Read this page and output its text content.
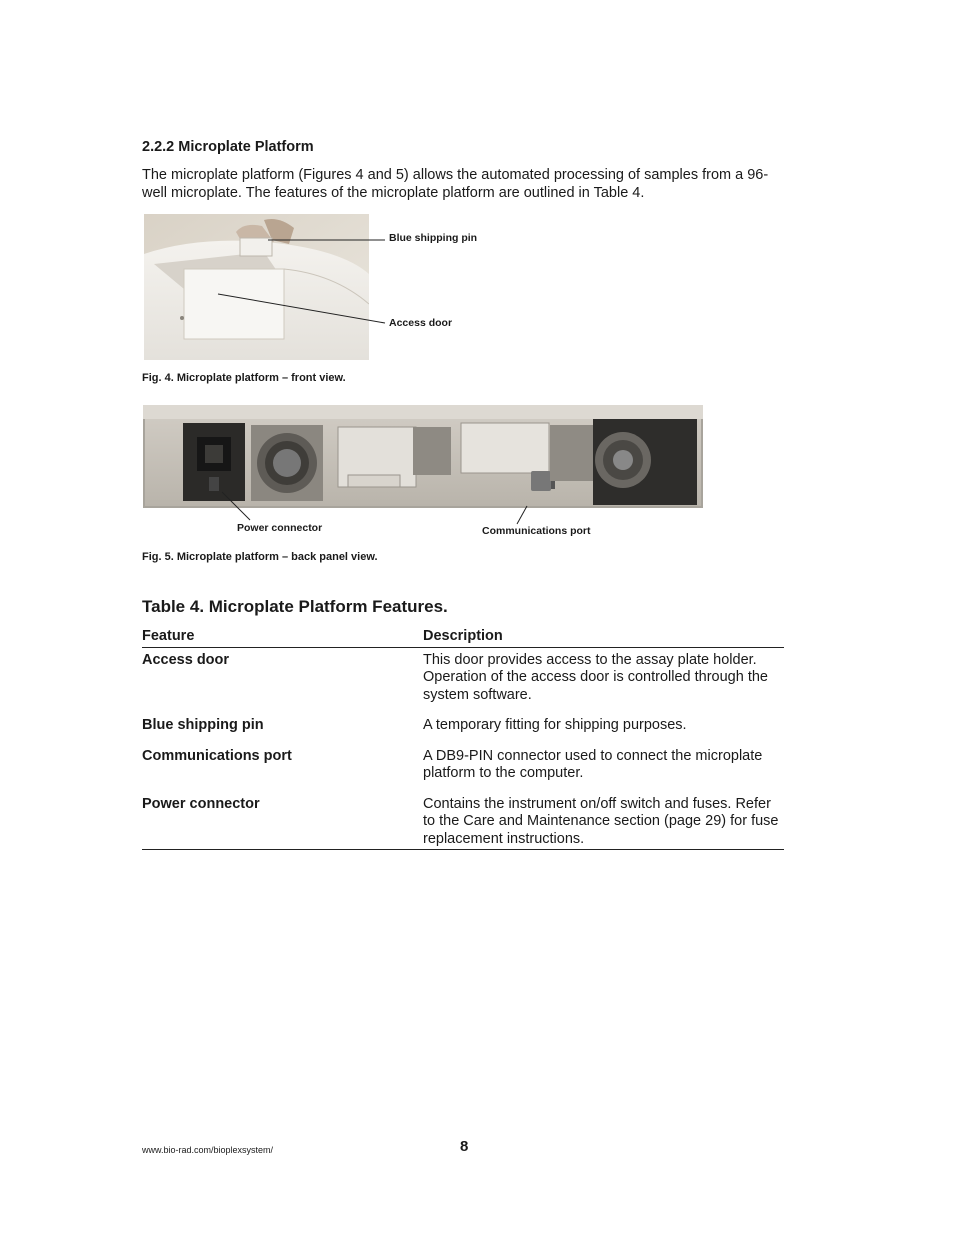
2.2.2 Microplate Platform
The microplate platform (Figures 4 and 5) allows the automated processing of samples from a 96-well microplate. The features of the microplate platform are outlined in Table 4.
Blue shipping pin
Access door
Fig. 4. Microplate platform – front view.
Power connector	Communications port
Fig. 5. Microplate platform – back panel view.
Table 4. Microplate Platform Features.
Feature	Description
Access door	This door provides access to the assay plate holder. Operation of the access door is controlled through the system software.
Blue shipping pin	A temporary fitting for shipping purposes.
Communications port	A DB9-PIN connector used to connect the microplate platform to the computer.
Power connector	Contains the instrument on/off switch and fuses. Refer to the Care and Maintenance section (page 29) for fuse replacement instructions.
www.bio-rad.com/bioplexsystem/	8
